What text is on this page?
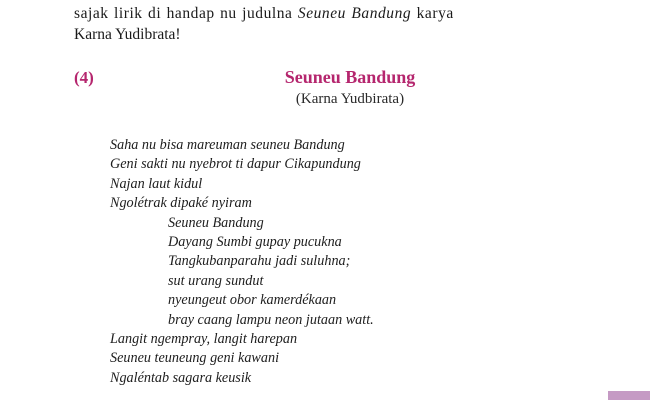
sajak lirik di handap nu judulna Seuneu Bandung karya
Karna Yudibrata!
(4)	Seuneu Bandung
(Karna Yudbirata)
Saha nu bisa mareuman seuneu Bandung
Geni sakti nu nyebrot ti dapur Cikapundung
Najan laut kidul
Ngolétrak dipaké nyiram
Seuneu Bandung
Dayang Sumbi gupay pucukna
Tangkubanparahu jadi suluhna;
sut urang sundut
nyeungeut obor kamerdékaan
bray caang lampu neon jutaan watt.
Langit ngempray, langit harepan
Seuneu teuneung geni kawani
Ngaléntab sagara keusik
